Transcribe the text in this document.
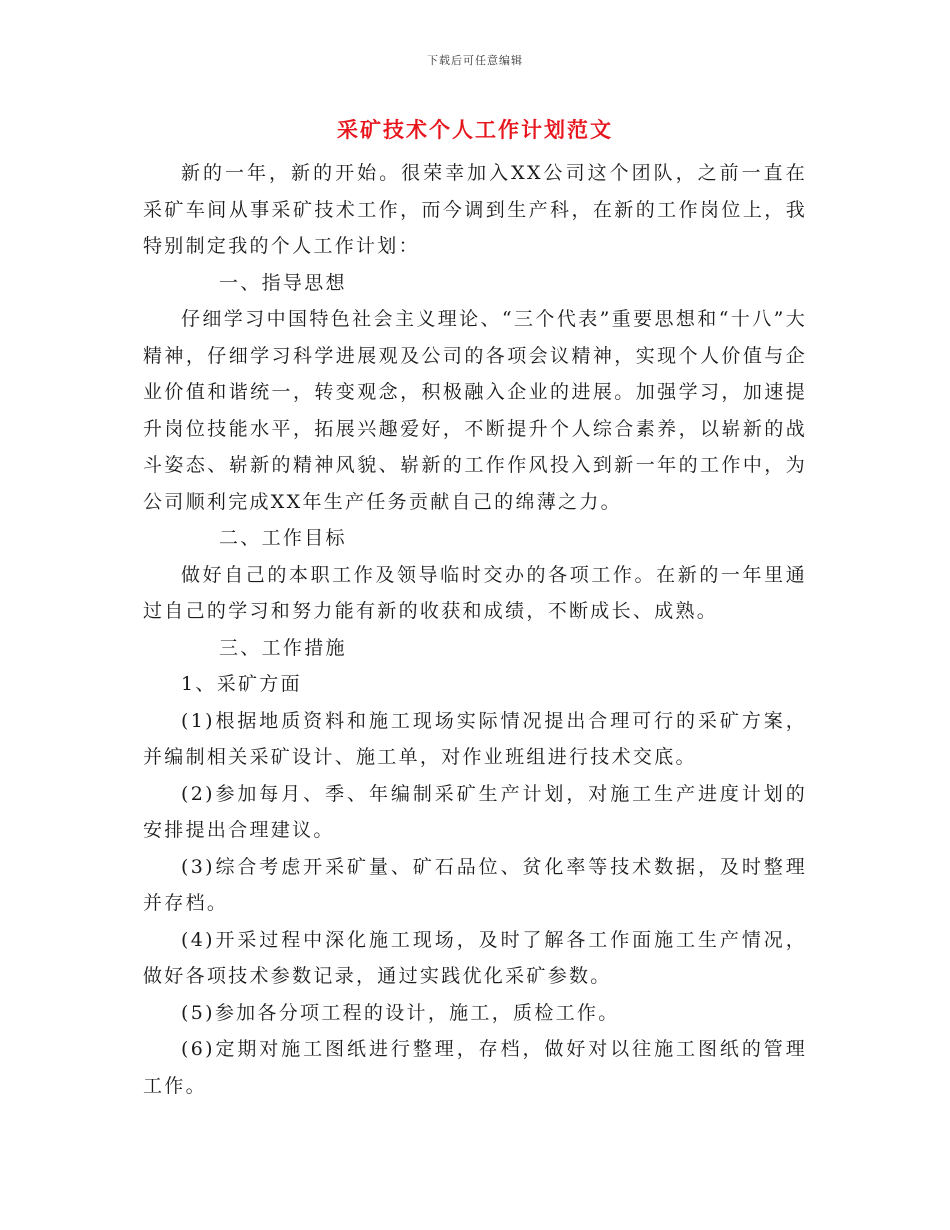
下载后可任意编辑
采矿技术个人工作计划范文

新的一年，新的开始。很荣幸加入XX公司这个团队，之前一直在采矿车间从事采矿技术工作，而今调到生产科，在新的工作岗位上，我特别制定我的个人工作计划：

一、指导思想

仔细学习中国特色社会主义理论、“三个代表”重要思想和“十八”大精神，仔细学习科学进展观及公司的各项会议精神，实现个人价值与企业价值和谐统一，转变观念，积极融入企业的进展。加强学习，加速提升岗位技能水平，拓展兴趣爱好，不断提升个人综合素养，以崭新的战斗姿态、崭新的精神风貌、崭新的工作作风投入到新一年的工作中，为公司顺利完成XX年生产任务贡献自己的绵薄之力。

二、工作目标

做好自己的本职工作及领导临时交办的各项工作。在新的一年里通过自己的学习和努力能有新的收获和成绩，不断成长、成熟。

三、工作措施

1、采矿方面

(1)根据地质资料和施工现场实际情况提出合理可行的采矿方案，并编制相关采矿设计、施工单，对作业班组进行技术交底。

(2)参加每月、季、年编制采矿生产计划，对施工生产进度计划的安排提出合理建议。

(3)综合考虑开采矿量、矿石品位、贫化率等技术数据，及时整理并存档。

(4)开采过程中深化施工现场，及时了解各工作面施工生产情况，做好各项技术参数记录，通过实践优化采矿参数。

(5)参加各分项工程的设计，施工，质检工作。

(6)定期对施工图纸进行整理，存档，做好对以往施工图纸的管理工作。
